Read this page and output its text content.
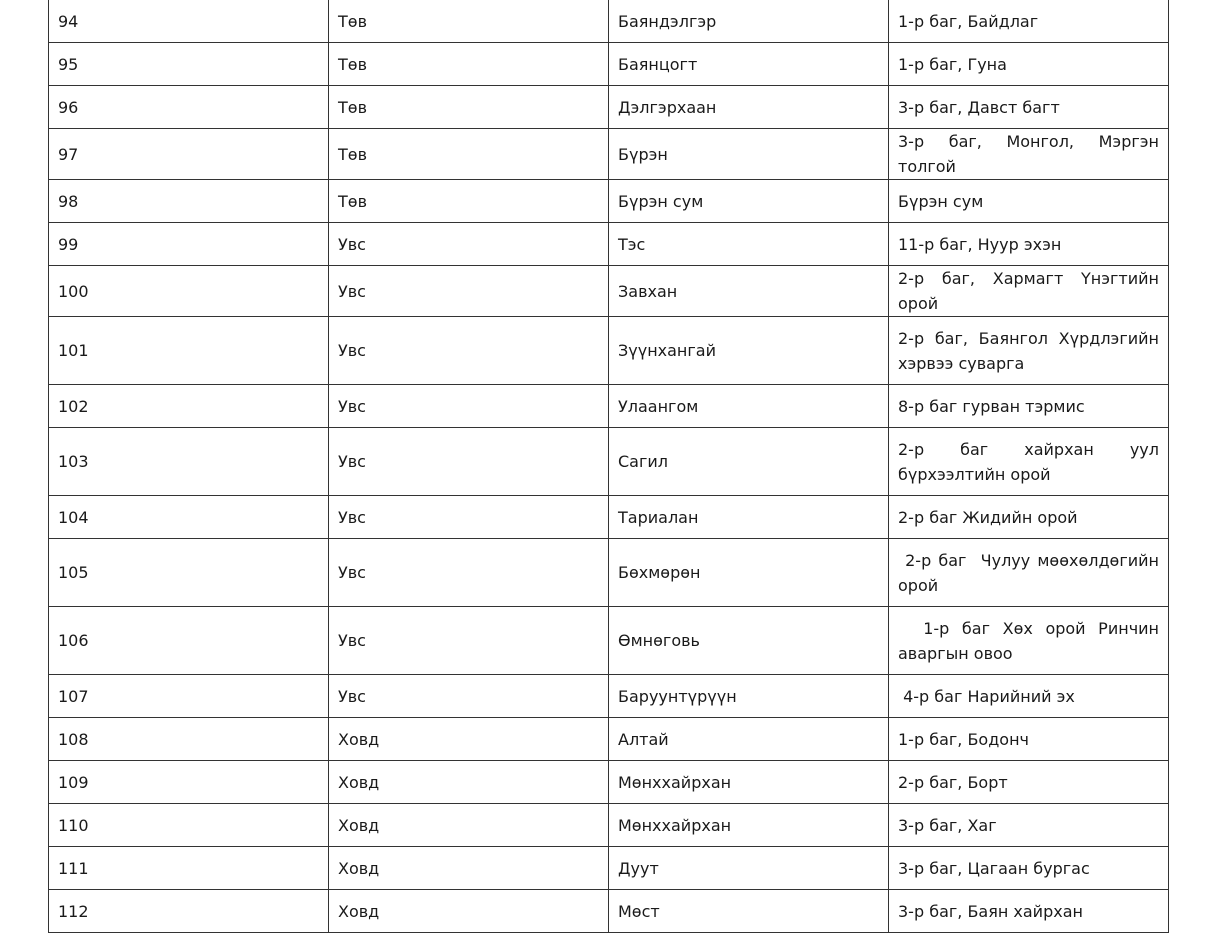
94	Төв	Баяндэлгэр	1-р баг, Байдлаг
95	Төв	Баянцогт	1-р баг, Гуна
96	Төв	Дэлгэрхаан	3-р баг, Давст багт
97	Төв	Бүрэн	3-р баг, Монгол, Мэргэн толгой
98	Төв	Бүрэн сум	Бүрэн сум
99	Увс	Тэс	11-р баг, Нуур эхэн
100	Увс	Завхан	2-р баг, Хармагт Үнэгтийн орой
101	Увс	Зүүнхангай	2-р баг, Баянгол Хүрдлэгийн хэрвээ суварга
102	Увс	Улаангом	8-р баг гурван тэрмис
103	Увс	Сагил	2-р баг хайрхан уул бүрхээлтийн орой
104	Увс	Тариалан	2-р баг Жидийн орой
105	Увс	Бөхмөрөн	2-р баг  Чулуу мөөхөлдөгийн орой
106	Увс	Өмнөговь	1-р баг Хөх орой Ринчин аваргын овоо
107	Увс	Баруунтүрүүн	4-р баг Нарийний эх
108	Ховд	Алтай	1-р баг, Бодонч
109	Ховд	Мөнххайрхан	2-р баг, Борт
110	Ховд	Мөнххайрхан	3-р баг, Хаг
111	Ховд	Дуут	3-р баг, Цагаан бургас
112	Ховд	Мөст	3-р баг, Баян хайрхан
